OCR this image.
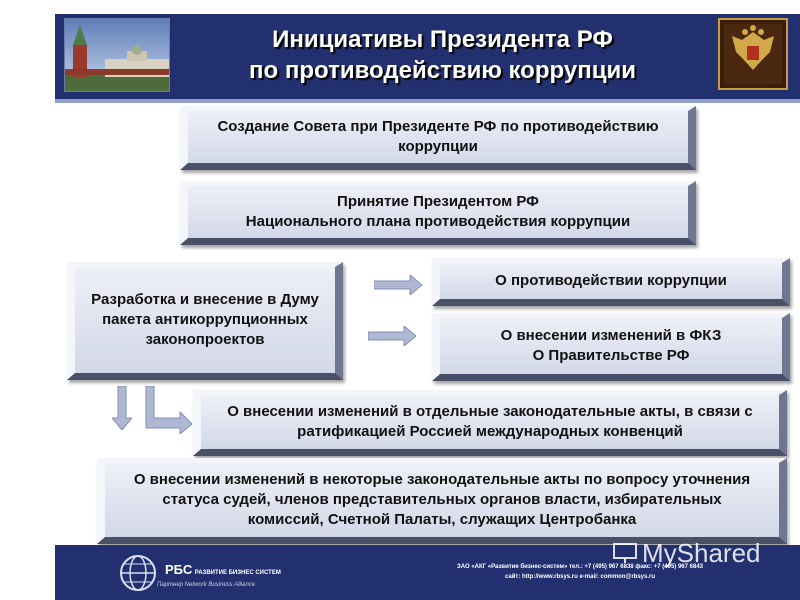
Инициативы Президента РФ
по противодействию коррупции
Создание Совета при Президенте РФ по противодействию коррупции
Принятие Президентом РФ
Национального плана противодействия коррупции
Разработка и внесение в Думу пакета антикоррупционных законопроектов
О противодействии коррупции
О внесении изменений в ФКЗ
О Правительстве РФ
О внесении изменений в отдельные законодательные акты, в связи с ратификацией Россией международных конвенций
О внесении изменений в некоторые законодательные акты по вопросу уточнения статуса судей, членов представительных органов власти, избирательных комиссий, Счетной Палаты, служащих Центробанка
РБС РАЗВИТИЕ БИЗНЕС СИСТЕМ
Партнер Network Business Alliance
ЗАО «АКГ «Развитие бизнес-систем» тел.: +7 (495) 967 6838 факс: +7 (495) 967 6843
сайт: http://www.rbsys.ru e-mail: common@rbsys.ru
MyShared
